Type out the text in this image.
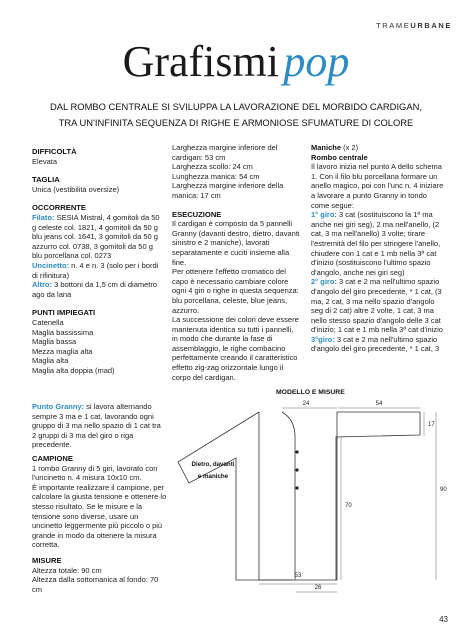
TRAMEURBANE
Grafismi pop
DAL ROMBO CENTRALE SI SVILUPPA LA LAVORAZIONE DEL MORBIDO CARDIGAN,
TRA UN'INFINITA SEQUENZA DI RIGHE E ARMONIOSE SFUMATURE DI COLORE
DIFFICOLTÀ
Elevata
TAGLIA
Unica (vestibilità oversize)
OCCORRENTE
Filato: SESIA Mistral, 4 gomitoli da 50 g celeste col. 1821, 4 gomitoli da 50 g blu jeans col. 1641, 3 gomitoli da 50 g azzurro col. 0738, 3 gomitoli da 50 g blu porcellana col. 0273
Uncinetto: n. 4 e n. 3 (solo per i bordi di rifinitura)
Altro: 3 bottoni da 1,5 cm di diametro ago da lana
PUNTI IMPIEGATI
Catenella
Maglia bassissima
Maglia bassa
Mezza maglia alta
Maglia alta
Maglia alta doppia (mad)
Punto Granny: si lavora alternando sempre 3 ma e 1 cat, lavorando ogni gruppo di 3 ma nello spazio di 1 cat tra 2 gruppi di 3 ma del giro o riga precedente.
CAMPIONE
1 rombo Granny di 5 giri, lavorato con l'uncinetto n. 4 misura 10x10 cm.
È importante realizzare il campione, per calcolare la giusta tensione e ottenere lo stesso risultato. Se le misure e la tensione sono diverse, usare un uncinetto leggermente più piccolo o più grande in modo da ottenere la misura corretta.
MISURE
Altezza totale: 90 cm
Altezza dalla sottomanica al fondo: 70 cm
Larghezza margine inferiore del cardigan: 53 cm
Larghezza scollo: 24 cm
Lunghezza manica: 54 cm
Larghezza margine inferiore della manica: 17 cm
ESECUZIONE
Il cardigan è composto da 5 pannelli Granny (davanti destro, dietro, davanti sinistro e 2 maniche), lavorati separatamente e cuciti insieme alla fine.
Per ottenere l'effetto cromatico del capo è necessario cambiare colore ogni 4 giri o righe in questa sequenza: blu porcellana, celeste, blue jeans, azzurro.
La successione dei colori deve essere mantenuta identica su tutti i pannelli, in modo che durante la fase di assemblaggio, le righe combacino perfettamente creando il caratteristico effetto zig-zag orizzontale lungo il corpo del cardigan.
Maniche (x 2)
Rombo centrale
Il lavoro inizia nel punto A dello schema 1. Con il filo blu porcellana formare un anello magico, poi con l'unc n. 4 iniziare a lavorare a punto Granny in tondo come segue:
1° giro: 3 cat (sostituiscono la 1ª ma anche nei giri seg), 2 ma nell'anello, (2 cat, 3 ma nell'anello) 3 volte; tirare l'estremità del filo per stringere l'anello, chiudere con 1 cat e 1 mb nella 3ª cat d'inizio (sostituiscono l'ultimo spazio d'angolo, anche nei giri seg)
2° giro: 3 cat e 2 ma nell'ultimo spazio d'angolo del giro precedente, * 1 cat, (3 ma, 2 cat, 3 ma nello spazio d'angolo seg di 2 cat) altre 2 volte, 1 cat, 3 ma nello stesso spazio d'angolo delle 3 cat d'inizio; 1 cat e 1 mb nella 3ª cat d'inizio
3°giro: 3 cat e 2 ma nell'ultimo spazio d'angolo del giro precedente, * 1 cat, 3
MODELLO E MISURE
24	54
17
90
70
53
26
Dietro, davanti
e maniche
43
